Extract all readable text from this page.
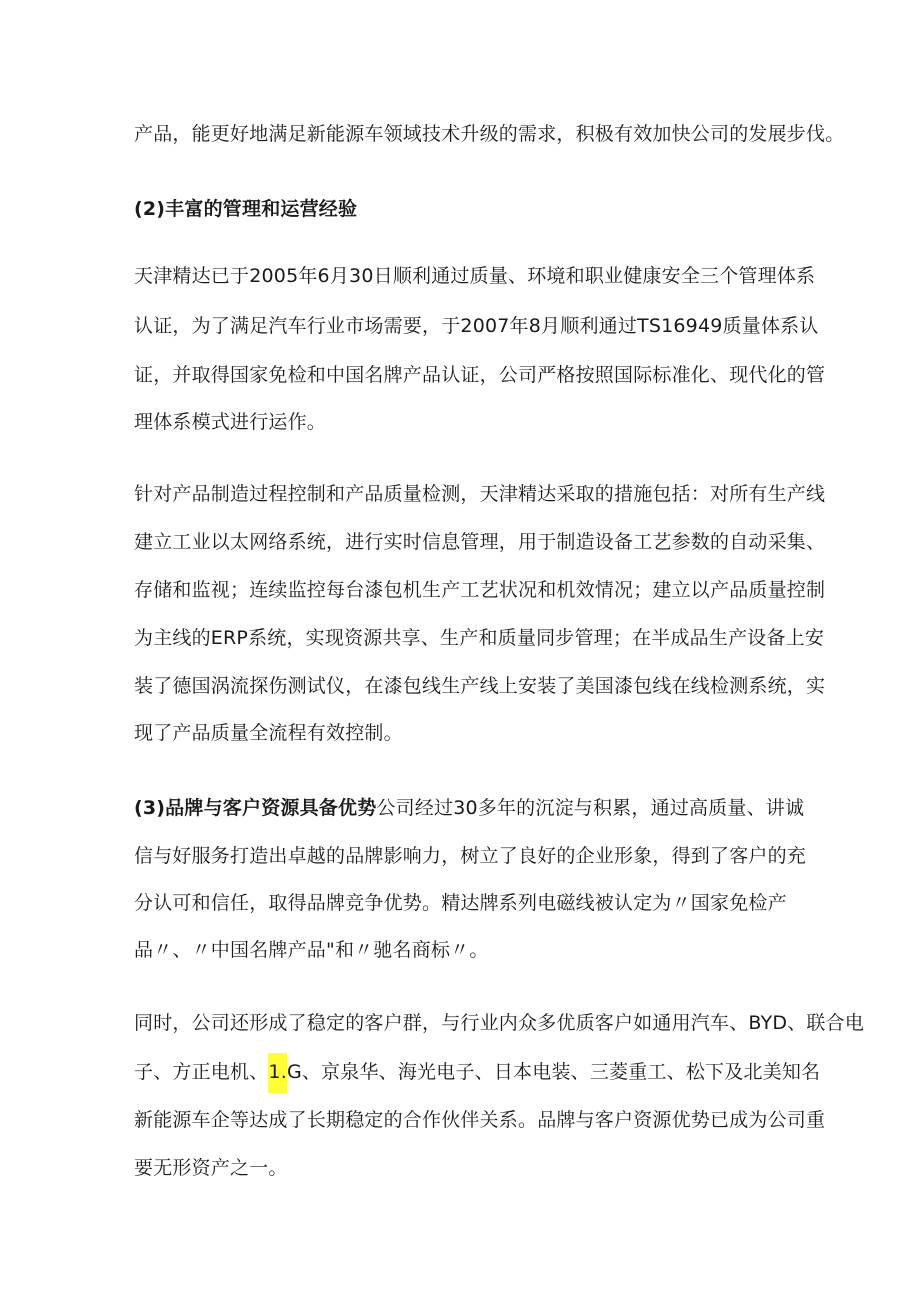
产品，能更好地满足新能源车领域技术升级的需求，积极有效加快公司的发展步伐。
(2)丰富的管理和运营经验
天津精达已于2005年6月30日顺利通过质量、环境和职业健康安全三个管理体系
认证，为了满足汽车行业市场需要，于2007年8月顺利通过TS16949质量体系认
证，并取得国家免检和中国名牌产品认证，公司严格按照国际标准化、现代化的管
理体系模式进行运作。
针对产品制造过程控制和产品质量检测，天津精达采取的措施包括：对所有生产线
建立工业以太网络系统，进行实时信息管理，用于制造设备工艺参数的自动采集、
存储和监视；连续监控每台漆包机生产工艺状况和机效情况；建立以产品质量控制
为主线的ERP系统，实现资源共享、生产和质量同步管理；在半成品生产设备上安
装了德国涡流探伤测试仪，在漆包线生产线上安装了美国漆包线在线检测系统，实
现了产品质量全流程有效控制。
(3)品牌与客户资源具备优势公司经过30多年的沉淀与积累，通过高质量、讲诚
信与好服务打造出卓越的品牌影响力，树立了良好的企业形象，得到了客户的充
分认可和信任，取得品牌竞争优势。精达牌系列电磁线被认定为〃国家免检产
品〃、〃中国名牌产品"和〃驰名商标〃。
同时，公司还形成了稳定的客户群，与行业内众多优质客户如通用汽车、BYD、联合电
子、方正电机、1.G、京泉华、海光电子、日本电装、三菱重工、松下及北美知名
新能源车企等达成了长期稳定的合作伙伴关系。品牌与客户资源优势已成为公司重
要无形资产之一。
